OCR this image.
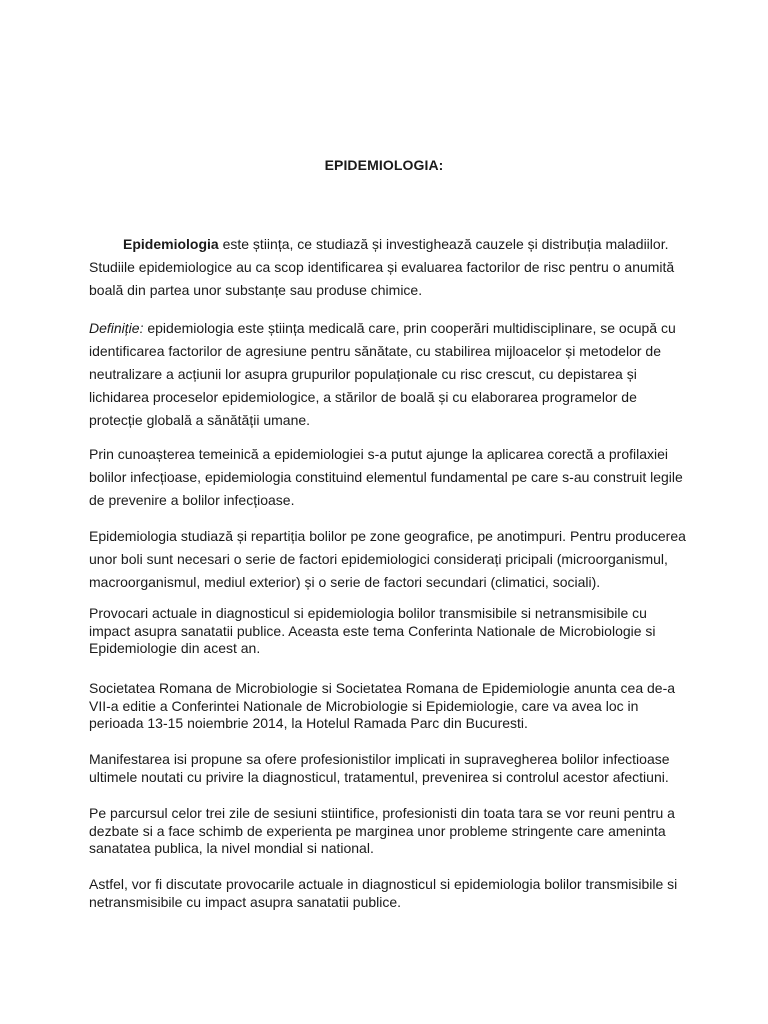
EPIDEMIOLOGIA:
Epidemiologia este știința, ce studiază și investighează cauzele și distribuția maladiilor. Studiile epidemiologice au ca scop identificarea și evaluarea factorilor de risc pentru o anumită boală din partea unor substanțe sau produse chimice.
Definiție: epidemiologia este știința medicală care, prin cooperări multidisciplinare, se ocupă cu identificarea factorilor de agresiune pentru sănătate, cu stabilirea mijloacelor și metodelor de neutralizare a acțiunii lor asupra grupurilor populaționale cu risc crescut, cu depistarea și lichidarea proceselor epidemiologice, a stărilor de boală și cu elaborarea programelor de protecție globală a sănătății umane.
Prin cunoașterea temeinică a epidemiologiei s-a putut ajunge la aplicarea corectă a profilaxiei bolilor infecțioase, epidemiologia constituind elementul fundamental pe care s-au construit legile de prevenire a bolilor infecțioase.
Epidemiologia studiază și repartiția bolilor pe zone geografice, pe anotimpuri. Pentru producerea unor boli sunt necesari o serie de factori epidemiologici considerați pricipali (microorganismul, macroorganismul, mediul exterior) și o serie de factori secundari (climatici, sociali).
Provocari actuale in diagnosticul si epidemiologia bolilor transmisibile si netransmisibile cu impact asupra sanatatii publice. Aceasta este tema Conferinta Nationale de Microbiologie si Epidemiologie din acest an.
Societatea Romana de Microbiologie si Societatea Romana de Epidemiologie anunta cea de-a VII-a editie a Conferintei Nationale de Microbiologie si Epidemiologie, care va avea loc in perioada 13-15 noiembrie 2014, la Hotelul Ramada Parc din Bucuresti.
Manifestarea isi propune sa ofere profesionistilor implicati in supravegherea bolilor infectioase ultimele noutati cu privire la diagnosticul, tratamentul, prevenirea si controlul acestor afectiuni.
Pe parcursul celor trei zile de sesiuni stiintifice, profesionisti din toata tara se vor reuni pentru a dezbate si a face schimb de experienta pe marginea unor probleme stringente care ameninta sanatatea publica, la nivel mondial si national.
Astfel, vor fi discutate provocarile actuale in diagnosticul si epidemiologia bolilor transmisibile si netransmisibile cu impact asupra sanatatii publice.
